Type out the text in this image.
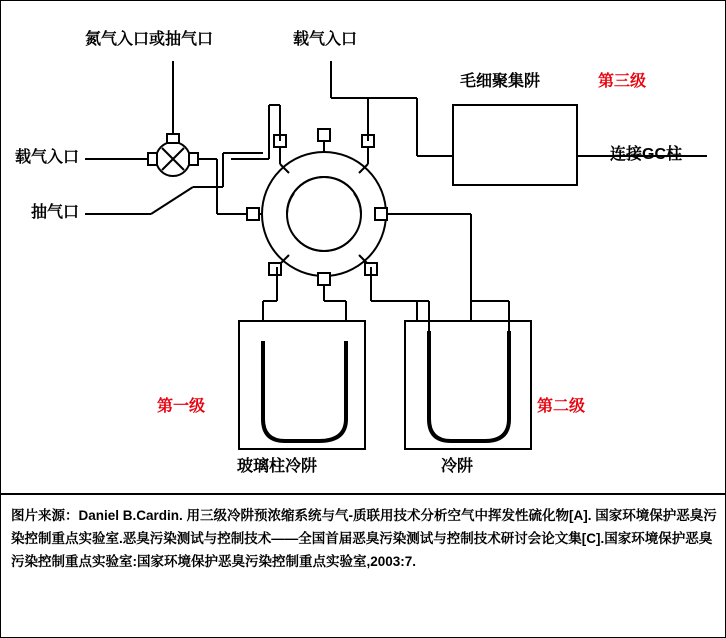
氮气入口或抽气口	载气入口
载气入口
抽气口
毛细聚集阱	第三级
连接GC柱
第一级	第二级
玻璃柱冷阱	冷阱

图片来源：Daniel B.Cardin. 用三级冷阱预浓缩系统与气-质联用技术分析空气中挥发性硫化物[A]. 国家环境保护恶臭污染控制重点实验室.恶臭污染测试与控制技术——全国首届恶臭污染测试与控制技术研讨会论文集[C].国家环境保护恶臭污染控制重点实验室:国家环境保护恶臭污染控制重点实验室,2003:7.
